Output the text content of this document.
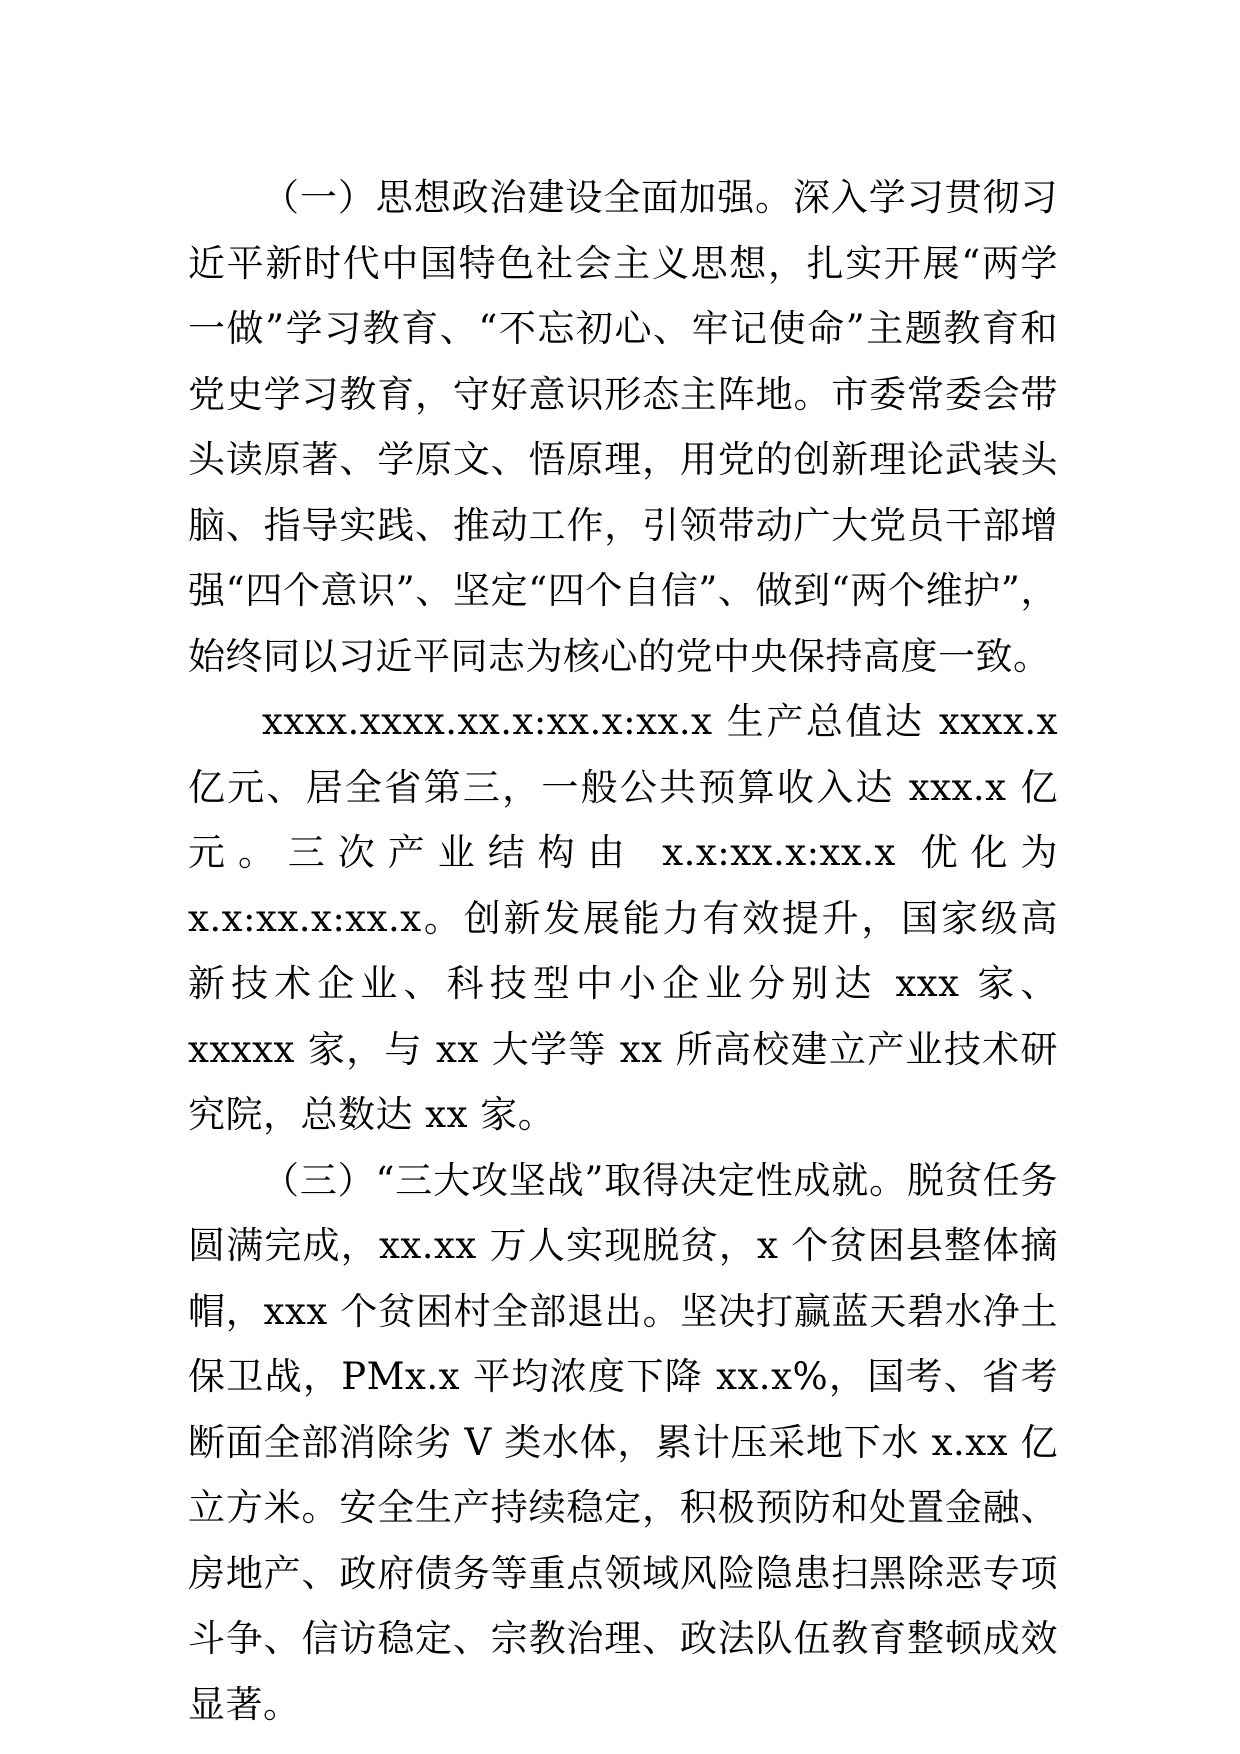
（一）思想政治建设全面加强。深入学习贯彻习近平新时代中国特色社会主义思想，扎实开展“两学一做”学习教育、“不忘初心、牢记使命”主题教育和党史学习教育，守好意识形态主阵地。市委常委会带头读原著、学原文、悟原理，用党的创新理论武装头脑、指导实践、推动工作，引领带动广大党员干部增强“四个意识”、坚定“四个自信”、做到“两个维护”，始终同以习近平同志为核心的党中央保持高度一致。

xxxx.xxxx.xx.x:xx.x:xx.x 生产总值达 xxxx.x 亿元、居全省第三，一般公共预算收入达 xxx.x 亿元。三次产业结构由 x.x:xx.x:xx.x 优化为 x.x:xx.x:xx.x。创新发展能力有效提升，国家级高新技术企业、科技型中小企业分别达 xxx 家、xxxxx 家，与 xx 大学等 xx 所高校建立产业技术研究院，总数达 xx 家。

（三）“三大攻坚战”取得决定性成就。脱贫任务圆满完成，xx.xx 万人实现脱贫，x 个贫困县整体摘帽，xxx 个贫困村全部退出。坚决打赢蓝天碧水净土保卫战，PMx.x 平均浓度下降 xx.x%，国考、省考断面全部消除劣 V 类水体，累计压采地下水 x.xx 亿立方米。安全生产持续稳定，积极预防和处置金融、房地产、政府债务等重点领域风险隐患扫黑除恶专项斗争、信访稳定、宗教治理、政法队伍教育整顿成效显著。
